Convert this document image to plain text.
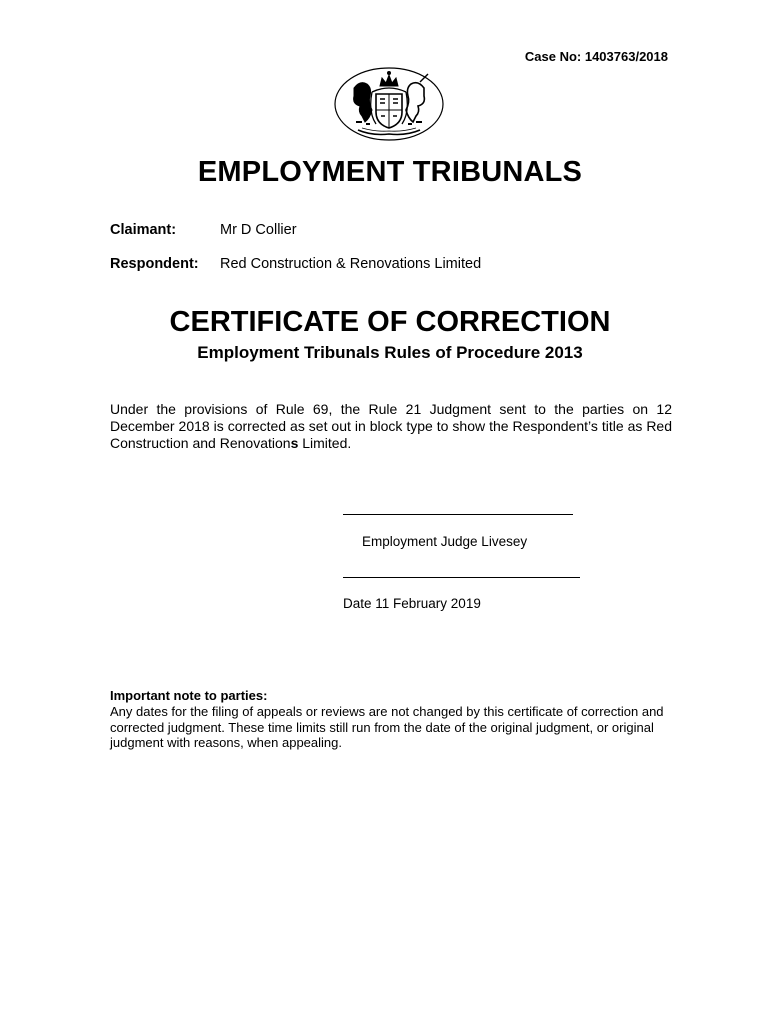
Case No: 1403763/2018
EMPLOYMENT TRIBUNALS
Claimant:	Mr D Collier
Respondent: Red Construction & Renovations Limited
CERTIFICATE OF CORRECTION
Employment Tribunals Rules of Procedure 2013

Under the provisions of Rule 69, the Rule 21 Judgment sent to the parties on 12 December 2018 is corrected as set out in block type to show the Respondent’s title as Red Construction and Renovations Limited.

Employment Judge Livesey
Date 11 February 2019
Important note to parties:
Any dates for the filing of appeals or reviews are not changed by this certificate of correction and corrected judgment. These time limits still run from the date of the original judgment, or original judgment with reasons, when appealing.
